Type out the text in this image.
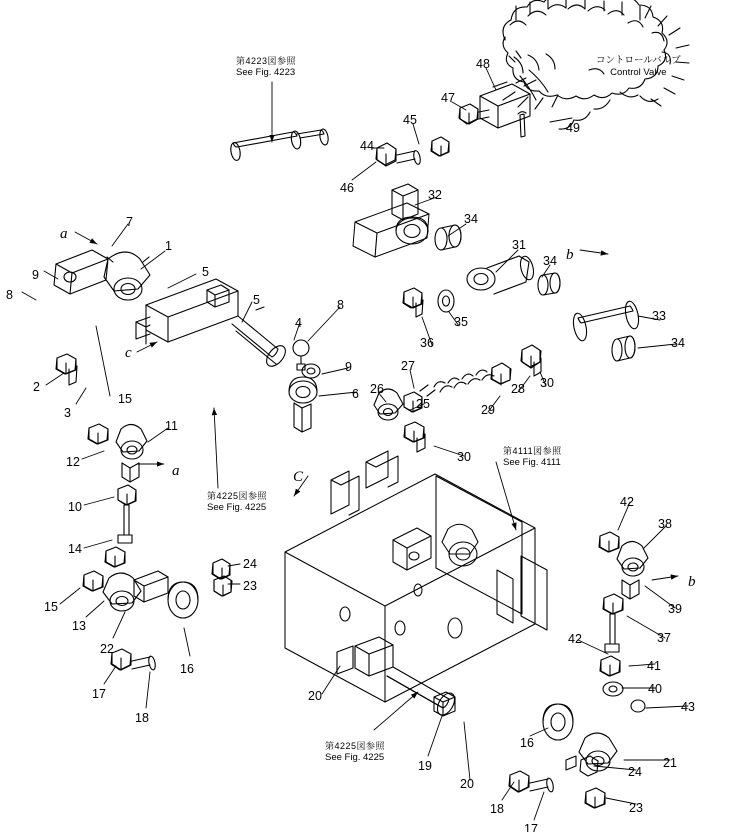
7
1
9	5
8	5
4
8
2
3
9
6
15
11
12
10
14
15
13
22
16
24
23
17
18
20
19
20
18
17
16
23
24
21
43
40
41
42	37
39
38
42
26
27
25	29
28 30
30
36
35
34
31
34
33
34
32
44
46
45
47
48
49
a
c
a	C
b
b
第4223図参照
See Fig. 4223
第4225図参照
See Fig. 4225
第4111図参照
See Fig. 4111
第4225図参照
See Fig. 4225
コントロールバルブ
Control Valve
